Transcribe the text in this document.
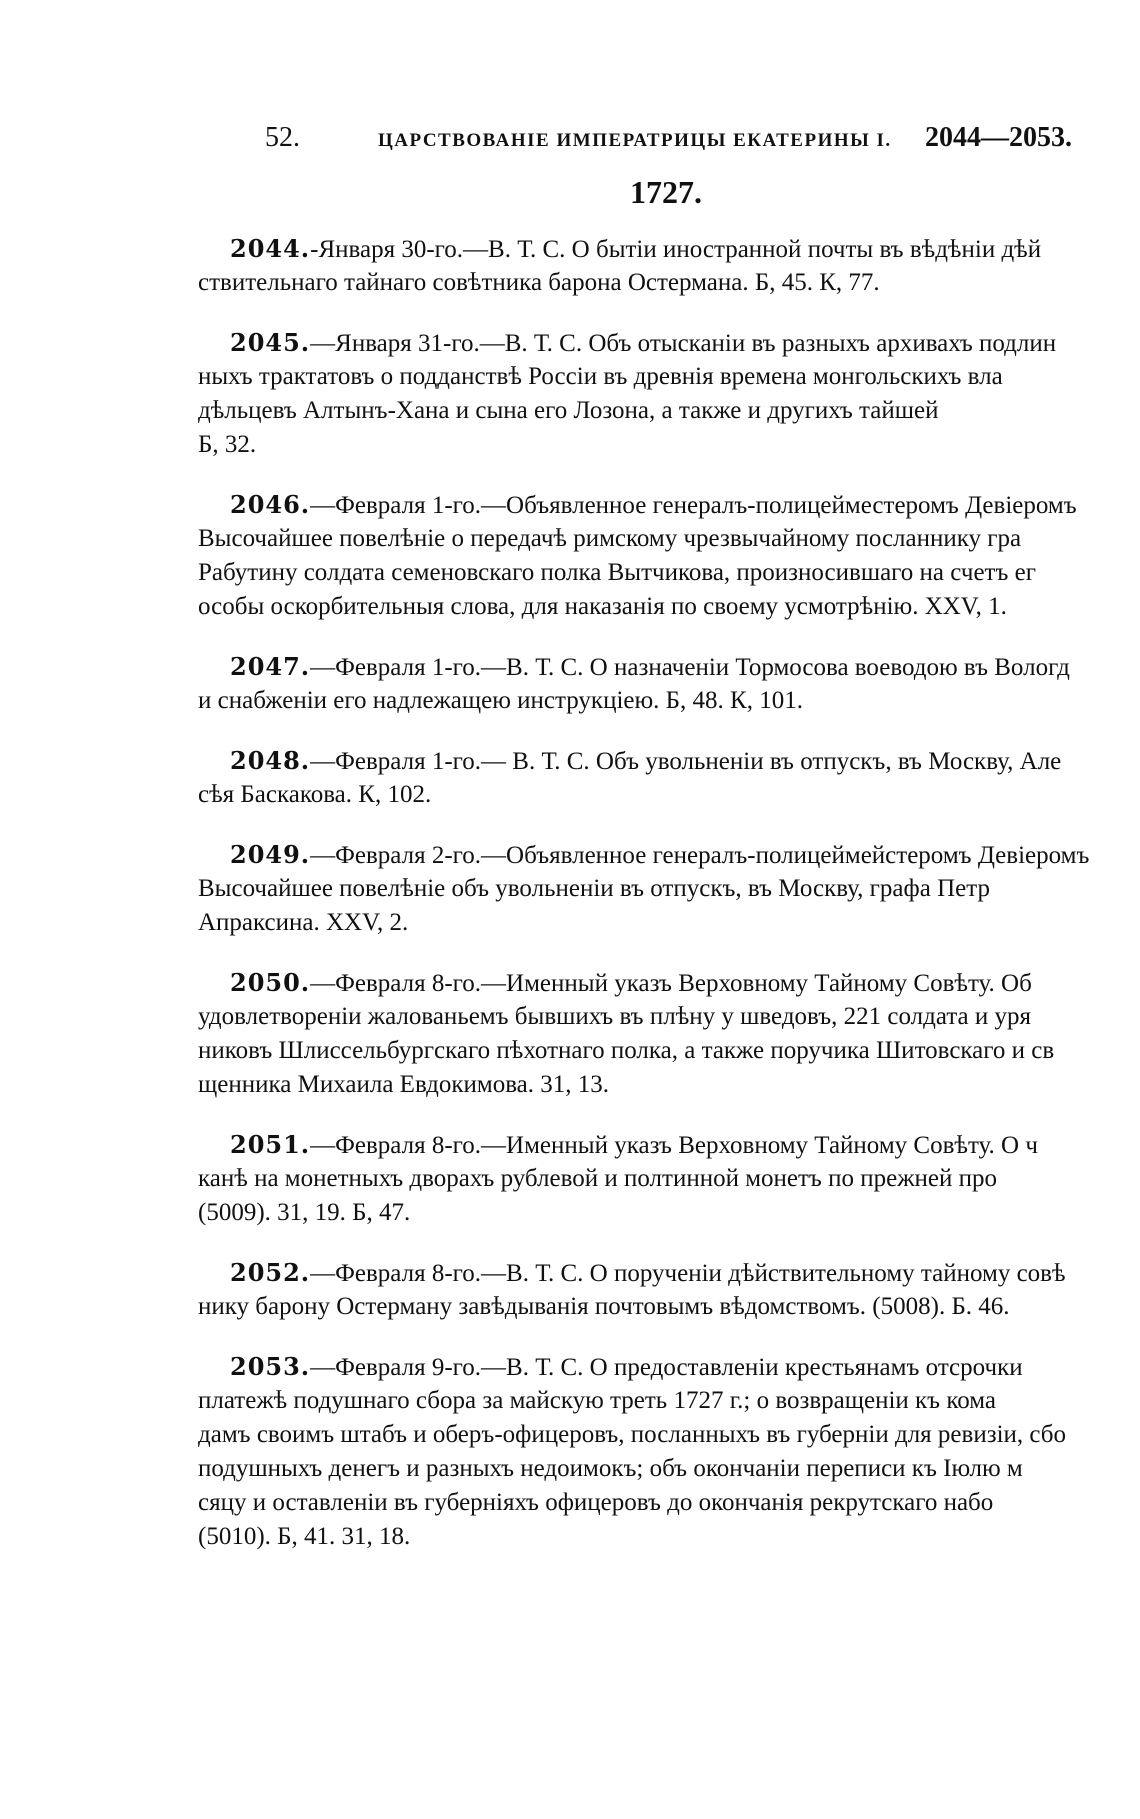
52.	ЦАРСТВОВАНІЕ ИМПЕРАТРИЦЫ ЕКАТЕРИНЫ І. 2044—2053.
1727.
2044.-Января 30-го.—В. Т. С. О бытіи иностранной почты въ вѣдѣніи дѣй
ствительнаго тайнаго совѣтника барона Остермана. Б, 45. К, 77.
2045.—Января 31-го.—В. Т. С. Объ отысканіи въ разныхъ архивахъ подлин
ныхъ трактатовъ о подданствѣ Россіи въ древнія времена монгольскихъ вла
дѣльцевъ Алтынъ-Хана и сына его Лозона, а также и другихъ тайшей
Б, 32.
2046.—Февраля 1-го.—Объявленное генералъ-полицейместеромъ Девіеромъ
Высочайшее повелѣніе о передачѣ римскому чрезвычайному посланнику гра
Рабутину солдата семеновскаго полка Вытчикова, произносившаго на счетъ ег
особы оскорбительныя слова, для наказанія по своему усмотрѣнію. XXV, 1.
2047.—Февраля 1-го.—В. Т. С. О назначеніи Тормосова воеводою въ Вологд
и снабженіи его надлежащею инструкціею. Б, 48. К, 101.
2048.—Февраля 1-го.— В. Т. С. Объ увольненіи въ отпускъ, въ Москву, Але
сѣя Баскакова. К, 102.
2049.—Февраля 2-го.—Объявленное генералъ-полицеймейстеромъ Девіеромъ
Высочайшее повелѣніе объ увольненіи въ отпускъ, въ Москву, графа Петр
Апраксина. XXV, 2.
2050.—Февраля 8-го.—Именный указъ Верховному Тайному Совѣту. Об
удовлетвореніи жалованьемъ бывшихъ въ плѣну у шведовъ, 221 солдата и уря
никовъ Шлиссельбургскаго пѣхотнаго полка, а также поручика Шитовскаго и св
щенника Михаила Евдокимова. 31, 13.
2051.—Февраля 8-го.—Именный указъ Верховному Тайному Совѣту. О ч
канѣ на монетныхъ дворахъ рублевой и полтинной монетъ по прежней про
(5009). 31, 19. Б, 47.
2052.—Февраля 8-го.—В. Т. С. О порученіи дѣйствительному тайному совѣ
нику барону Остерману завѣдыванія почтовымъ вѣдомствомъ. (5008). Б. 46.
2053.—Февраля 9-го.—В. Т. С. О предоставленіи крестьянамъ отсрочки
платежѣ подушнаго сбора за майскую треть 1727 г.; о возвращеніи къ кома
дамъ своимъ штабъ и оберъ-офицеровъ, посланныхъ въ губерніи для ревизіи, сбо
подушныхъ денегъ и разныхъ недоимокъ; объ окончаніи переписи къ Іюлю м
сяцу и оставленіи въ губерніяхъ офицеровъ до окончанія рекрутскаго набо
(5010). Б, 41. 31, 18.
